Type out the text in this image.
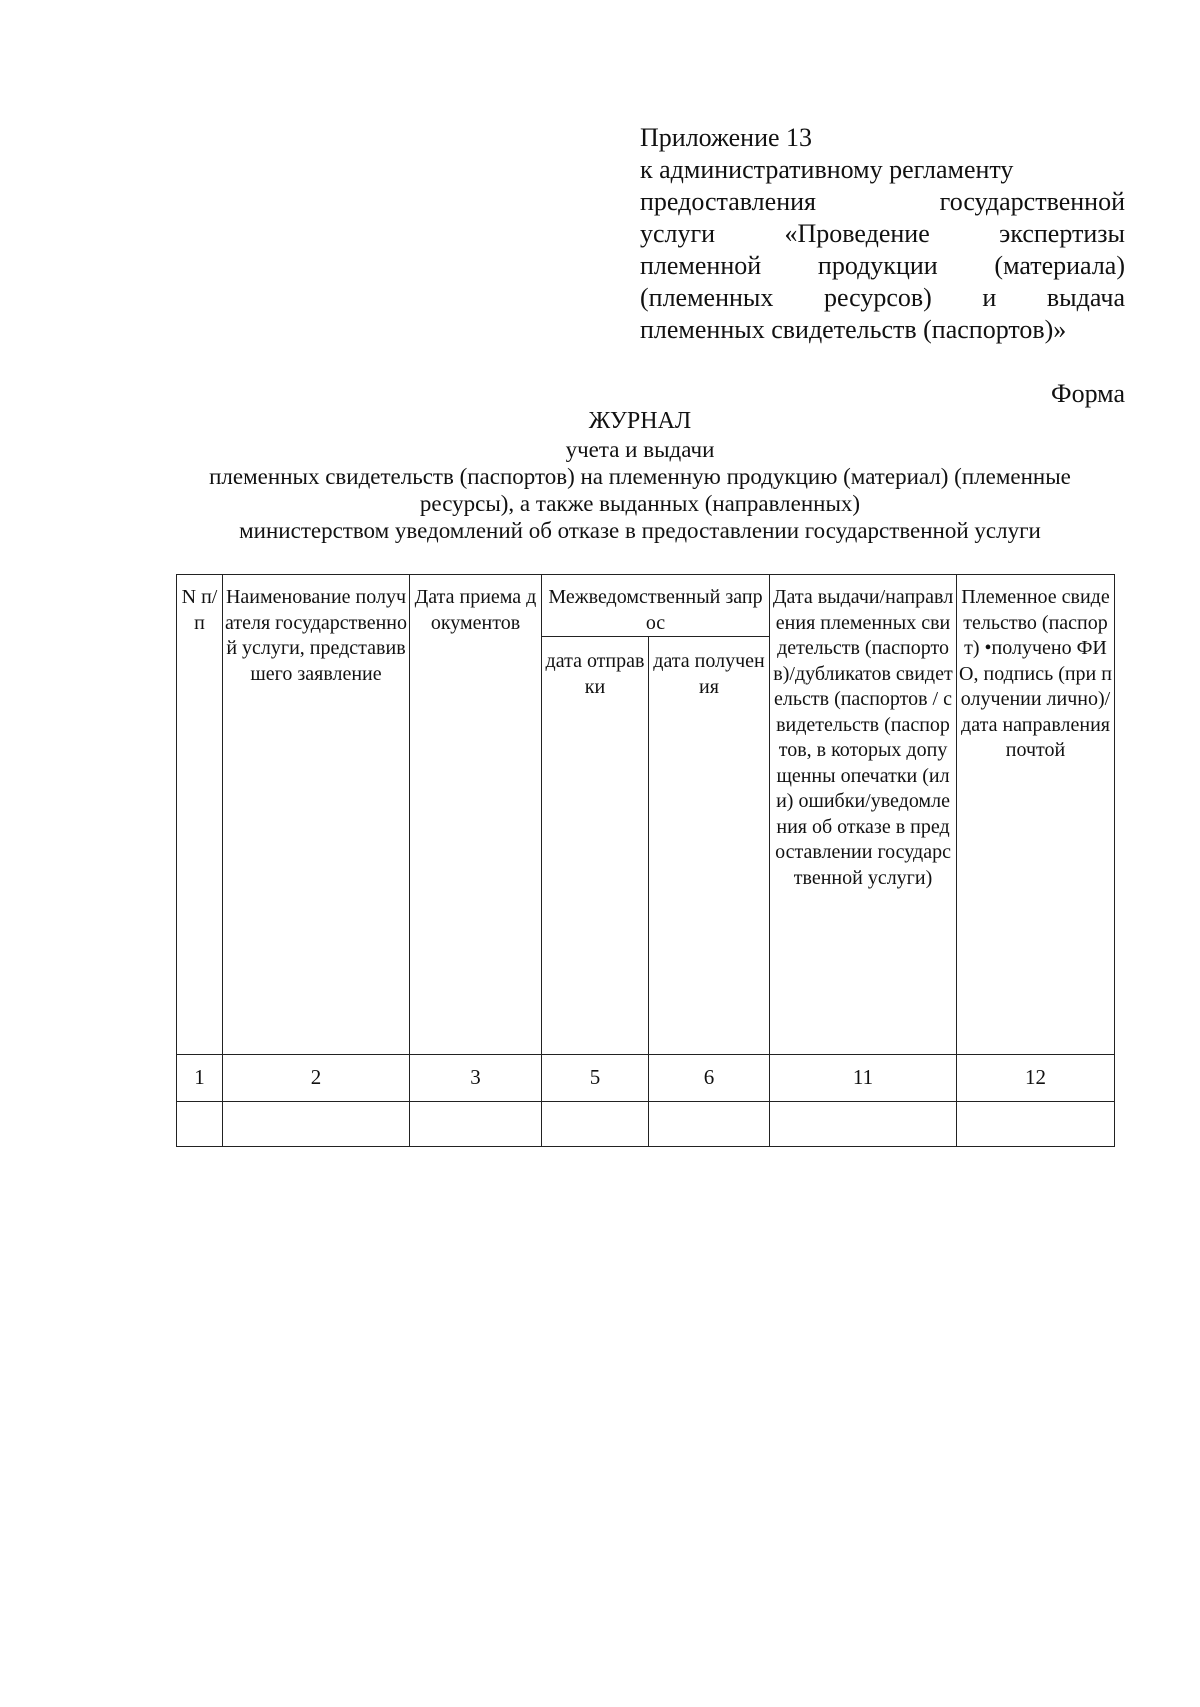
Приложение 13
к административному регламенту
предоставления государственной
услуги «Проведение экспертизы
племенной продукции (материала)
(племенных ресурсов) и выдача
племенных свидетельств (паспортов)»
Форма
ЖУРНАЛ
учета и выдачи
племенных свидетельств (паспортов) на племенную продукцию (материал) (племенные
ресурсы), а также выданных (направленных)
министерством уведомлений об отказе в предоставлении государственной услуги
N п/п	Наименование получателя государственной услуги, представившего заявление	Дата приема документов	Межведомственный запрос		Дата выдачи/направления племенных свидетельств (паспортов)/дубликатов свидетельств (паспортов / свидетельств (паспортов, в которых допущенны опечатки (или) ошибки/уведомления об отказе в предоставлении государственной услуги)	Племенное свидетельство (паспорт) •получено ФИО, подпись (при получении лично)/дата направления почтой
			дата отправки	дата получения		
1	2	3	5	6	11	12
